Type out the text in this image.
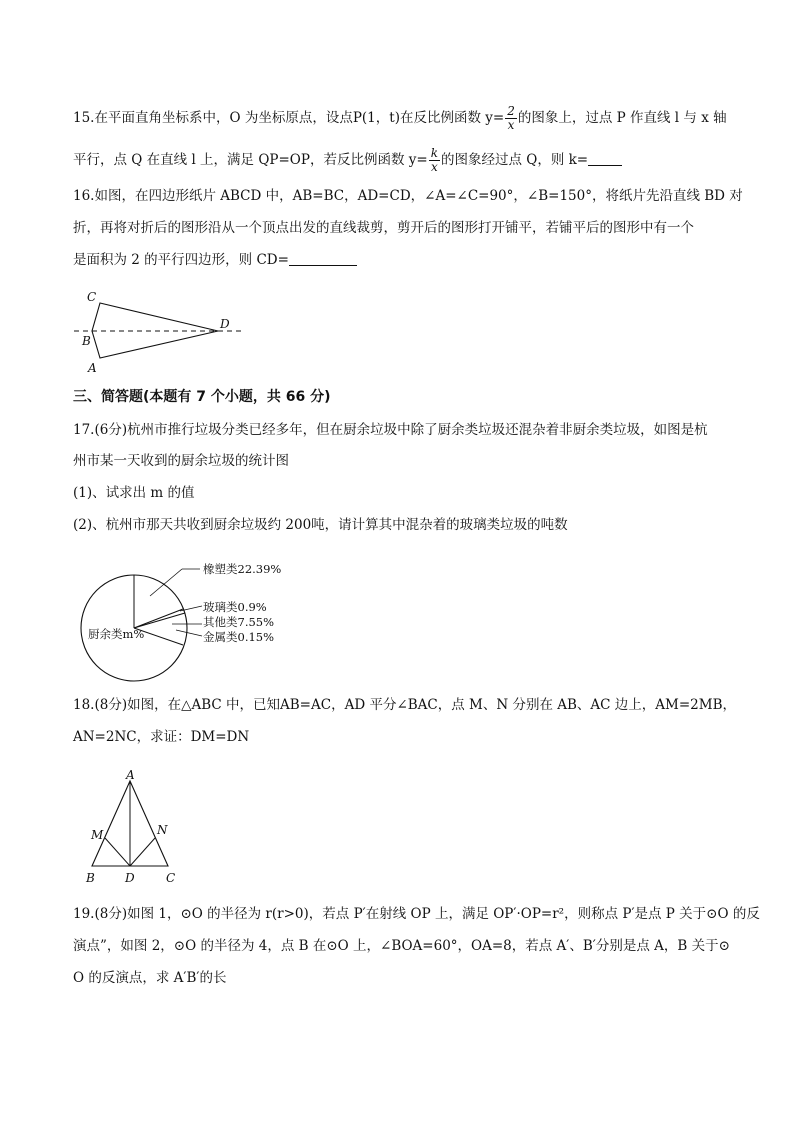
15.在平面直角坐标系中，O 为坐标原点，设点P(1，t)在反比例函数 $y= \frac{2}{x}$ 的图象上，过点 P 作直线 l 与 x 轴
平行，点 Q 在直线 l 上，满足 QP=OP，若反比例函数 $y= \frac{k}{x}$ 的图象经过点 Q，则 k=
16.如图，在四边形纸片 ABCD 中，AB=BC，AD=CD，∠A=∠C=90°，∠B=150°，将纸片先沿直线 BD 对
折，再将对折后的图形沿从一个顶点出发的直线裁剪，剪开后的图形打开铺平，若铺平后的图形中有一个
是面积为 2 的平行四边形，则 CD=
C
D
B
A
三、简答题(本题有 7 个小题，共 66 分)
17.(6分)杭州市推行垃圾分类已经多年，但在厨余垃圾中除了厨余类垃圾还混杂着非厨余类垃圾，如图是杭
州市某一天收到的厨余垃圾的统计图
(1)、试求出 m 的值
(2)、杭州市那天共收到厨余垃圾约 200吨，请计算其中混杂着的玻璃类垃圾的吨数
橡塑类22.39%
玻璃类0.9%
其他类7.55%
金属类0.15%
厨余类m%
18.(8分)如图，在△ABC 中，已知AB=AC，AD 平分∠BAC，点 M、N 分别在 AB、AC 边上，AM=2MB，
AN=2NC，求证：DM=DN
A
M	N
B	D	C
19.(8分)如图 1，⊙O 的半径为 r(r>0)，若点 P′在射线 OP 上，满足 OP′·OP=r²，则称点 P′是点 P 关于⊙O 的反
演点”，如图 2，⊙O 的半径为 4，点 B 在⊙O 上，∠BOA=60°，OA=8，若点 A′、B′分别是点 A，B 关于⊙
O 的反演点，求 A′B′的长
